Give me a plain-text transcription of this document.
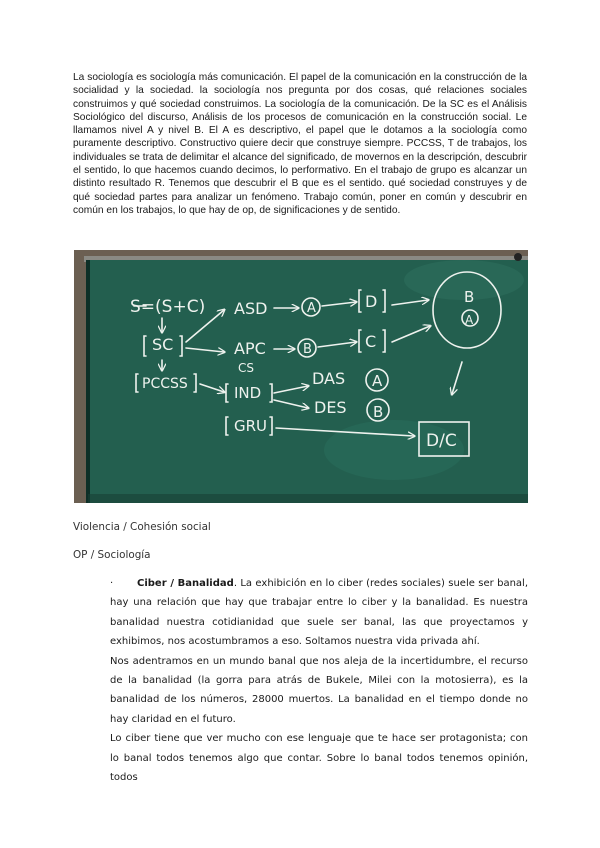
La sociología es sociología más comunicación. El papel de la comunicación en la construcción de la socialidad y la sociedad. la sociología nos pregunta por dos cosas, qué relaciones sociales construimos y qué sociedad construimos. La sociología de la comunicación. De la SC es el Análisis Sociológico del discurso, Análisis de los procesos de comunicación en la construcción social. Le llamamos nivel A y nivel B. El A es descriptivo, el papel que le dotamos a la sociología como puramente descriptivo. Constructivo quiere decir que construye siempre. PCCSS, T de trabajos, los individuales se trata de delimitar el alcance del significado, de movernos en la descripción, descubrir el sentido, lo que hacemos cuando decimos, lo performativo. En el trabajo de grupo es alcanzar un distinto resultado R. Tenemos que descubrir el B que es el sentido. qué sociedad construyes y de qué sociedad partes para analizar un fenómeno. Trabajo común, poner en común y descubrir en común en los trabajos, lo que hay de op, de significaciones y de sentido.
S=(S+C)
SC
PCCSS
ASD
APC
CS
IND
GRU
DAS
DES
A
B
A
B
D
C
B
A
D/C
Violencia / Cohesión social
OP / Sociología

· Ciber / Banalidad. La exhibición en lo ciber (redes sociales) suele ser banal, hay una relación que hay que trabajar entre lo ciber y la banalidad. Es nuestra banalidad nuestra cotidianidad que suele ser banal, las que proyectamos y exhibimos, nos acostumbramos a eso. Soltamos nuestra vida privada ahí.

Nos adentramos en un mundo banal que nos aleja de la incertidumbre, el recurso de la banalidad (la gorra para atrás de Bukele, Milei con la motosierra), es la banalidad de los números, 28000 muertos. La banalidad en el tiempo donde no hay claridad en el futuro.

Lo ciber tiene que ver mucho con ese lenguaje que te hace ser protagonista; con lo banal todos tenemos algo que contar. Sobre lo banal todos tenemos opinión, todos
